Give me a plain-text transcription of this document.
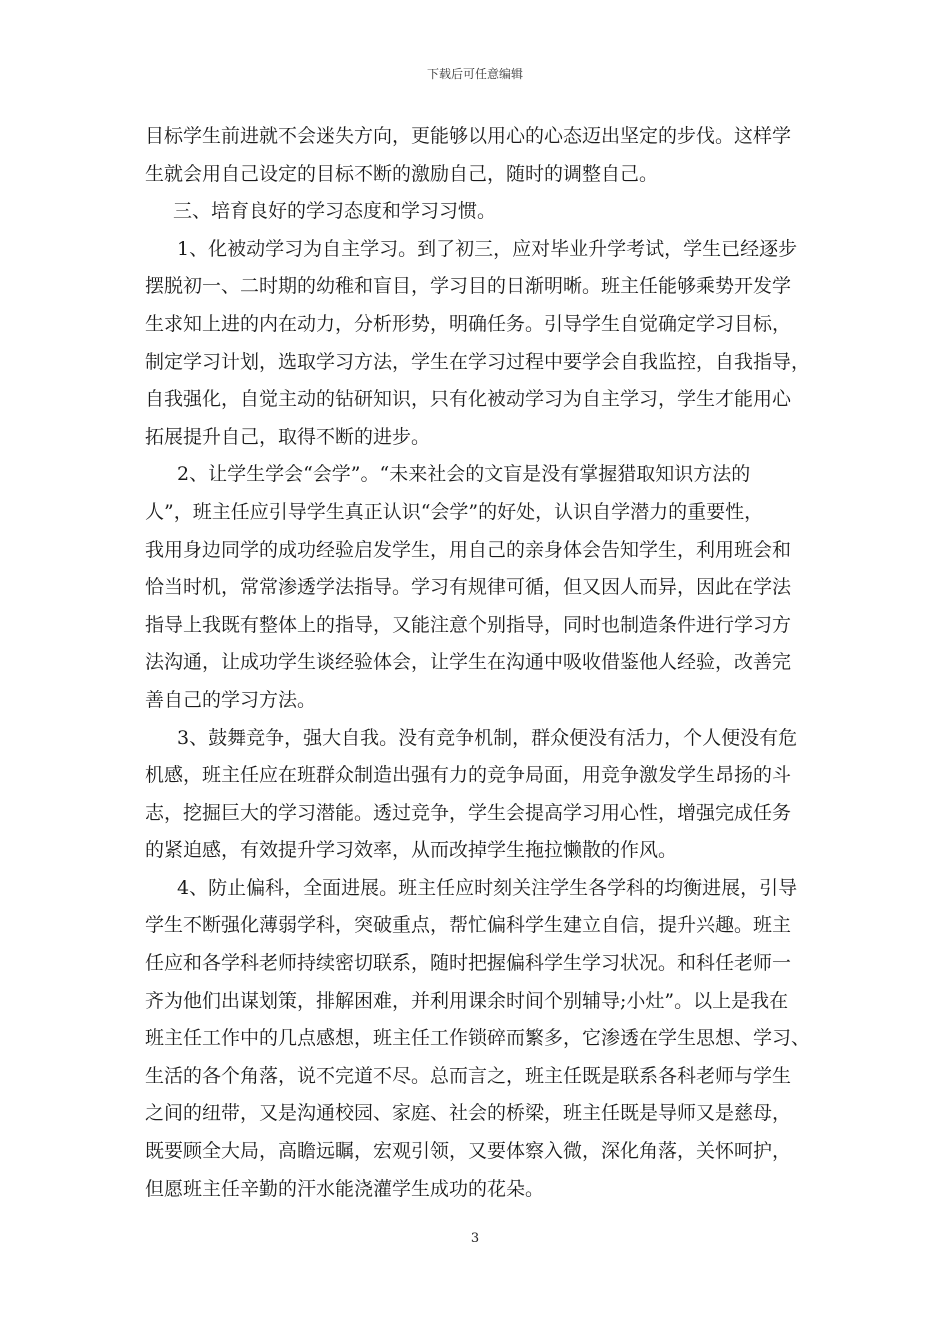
下载后可任意编辑
目标学生前进就不会迷失方向，更能够以用心的心态迈出坚定的步伐。这样学
生就会用自己设定的目标不断的激励自己，随时的调整自己。
三、培育良好的学习态度和学习习惯。
1、化被动学习为自主学习。到了初三，应对毕业升学考试，学生已经逐步
摆脱初一、二时期的幼稚和盲目，学习目的日渐明晰。班主任能够乘势开发学
生求知上进的内在动力，分析形势，明确任务。引导学生自觉确定学习目标，
制定学习计划，选取学习方法，学生在学习过程中要学会自我监控，自我指导，
自我强化，自觉主动的钻研知识，只有化被动学习为自主学习，学生才能用心
拓展提升自己，取得不断的进步。
2、让学生学会“会学”。“未来社会的文盲是没有掌握猎取知识方法的
人”，班主任应引导学生真正认识“会学”的好处，认识自学潜力的重要性，
我用身边同学的成功经验启发学生，用自己的亲身体会告知学生，利用班会和
恰当时机，常常渗透学法指导。学习有规律可循，但又因人而异，因此在学法
指导上我既有整体上的指导，又能注意个别指导，同时也制造条件进行学习方
法沟通，让成功学生谈经验体会，让学生在沟通中吸收借鉴他人经验，改善完
善自己的学习方法。
3、鼓舞竞争，强大自我。没有竞争机制，群众便没有活力，个人便没有危
机感，班主任应在班群众制造出强有力的竞争局面，用竞争激发学生昂扬的斗
志，挖掘巨大的学习潜能。透过竞争，学生会提高学习用心性，增强完成任务
的紧迫感，有效提升学习效率，从而改掉学生拖拉懒散的作风。
4、防止偏科，全面进展。班主任应时刻关注学生各学科的均衡进展，引导
学生不断强化薄弱学科，突破重点，帮忙偏科学生建立自信，提升兴趣。班主
任应和各学科老师持续密切联系，随时把握偏科学生学习状况。和科任老师一
齐为他们出谋划策，排解困难，并利用课余时间个别辅导;小灶”。以上是我在
班主任工作中的几点感想，班主任工作锁碎而繁多，它渗透在学生思想、学习、
生活的各个角落，说不完道不尽。总而言之，班主任既是联系各科老师与学生
之间的纽带，又是沟通校园、家庭、社会的桥梁，班主任既是导师又是慈母，
既要顾全大局，高瞻远瞩，宏观引领，又要体察入微，深化角落，关怀呵护，
但愿班主任辛勤的汗水能浇灌学生成功的花朵。
3
